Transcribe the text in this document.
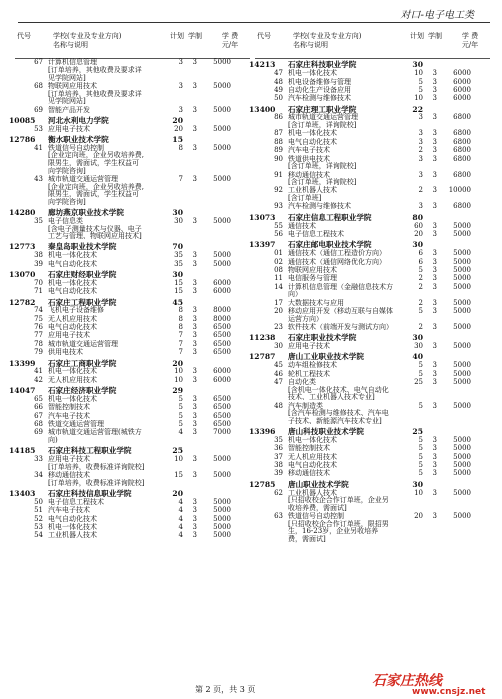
对口-电子电工类
代号	学校(专业及专业方向)
名称与说明
计划 学制	学 费
元/年
67 计算机信息管理
[订单培养，其他收费及要求详
见学院网站]
3	3	5000
68 物联网应用技术
[订单培养，其他收费及要求详
见学院网站]
3	3	5000
69 智能产品开发	3	3	5000
10085	河北水利电力学院	20
53 应用电子技术	20	3	5000
12786	衡水职业技术学院	15
41 铁道信号自动控制
[企业定向班，企业另收培养费,
限男生，需面试，学生权益可
向学院咨询]
8	3	5000
43 城市轨道交通运营管理
[企业定向班，企业另收培养费,
限男生，需面试，学生权益可
向学院咨询]
7	3	5000
14280	廊坊燕京职业技术学院	30
35 电子信息类
[含电子测量技术与仪器、电子
工艺与管理、物联网应用技术]
30	3	5000
12773	秦皇岛职业技术学院	70
38 机电一体化技术	35	3	5000
39 电气自动化技术	35	3	5000
13070	石家庄财经职业学院	30
70 机电一体化技术	15	3	6000
71 电气自动化技术	15	3	6000
12782	石家庄工程职业学院	45
74 飞机电子设备维修	8	3	8000
75 无人机应用技术	8	3	8000
76 电气自动化技术	8	3	6500
77 应用电子技术	7	3	6500
78 城市轨道交通运营管理	7	3	6500
79 供用电技术	7	3	6500
13399	石家庄工商职业学院	20
41 机电一体化技术	10	3	6000
42 无人机应用技术	10	3	6000
14047	石家庄经济职业学院	29
65 机电一体化技术	5	3	6500
66 智能控制技术	5	3	6500
67 汽车电子技术	5	3	6500
68 铁道交通运营管理	5	3	6500
69 城市轨道交通运营管理(城铁方
向)
4	3	7000
14185	石家庄科技工程职业学院	25
33 应用电子技术
[订单培养，收费标准详询院校]
10	3	5000
34 移动通信技术
[订单培养，收费标准详询院校]
15	3	5000
13403	石家庄科技信息职业学院	20
50 电子信息工程技术	4	3	5000
51 汽车电子技术	4	3	5000
52 电气自动化技术	4	3	5000
53 机电一体化技术	4	3	5000
54 工业机器人技术	4	3	5000
代号	学校(专业及专业方向)
名称与说明
计划 学制	学 费
元/年
14213	石家庄科技职业学院	30
47 机电一体化技术	10	3	6000
48 机电设备维修与管理	5	3	6000
49 自动化生产设备应用	5	3	6000
50 汽车检测与维修技术	10	3	6000
13400	石家庄理工职业学院	22
86 城市轨道交通运营管理
[含订单班，详询院校]
3	3	6800
87 机电一体化技术	3	3	6800
88 电气自动化技术	3	3	6800
89 汽车电子技术	2	3	6800
90 铁道供电技术
[含订单班，详询院校]
3	3	6800
91 移动通信技术
[含订单班，详询院校]
3	3	6800
92 工业机器人技术
[含订单班]
2	3	10000
93 汽车检测与维修技术	3	3	6800
13073	石家庄信息工程职业学院	80
55 通信技术	60	3	5000
56 电子信息工程技术	20	3	5000
13397	石家庄邮电职业技术学院	30
01 通信技术（通信工程造价方向）	6	3	5000
02 通信技术（通信网络优化方向）	6	3	5000
08 物联网应用技术	5	3	5000
11 电信服务与管理	2	3	5000
14 计算机信息管理（金融信息技术方
向）
2	3	5000
17 大数据技术与应用	2	3	5000
20 移动应用开发（移动互联与自媒体
运营方向）
5	3	5000
23 软件技术（前端开发与测试方向）	2	3	5000
11238	石家庄职业技术学院	30
30 应用电子技术	30	3	5000
12787	唐山工业职业技术学院	40
45 动车组检修技术	5	3	5000
46 轮机工程技术	5	3	5000
47 自动化类
[含机电一体化技术、电气自动化
技术、工业机器人技术专业]
25	3	5000
48 汽车制造类
[含汽车检测与维修技术、汽车电
子技术、新能源汽车技术专业]
5	3	5000
13396	唐山科技职业技术学院	25
35 机电一体化技术	5	3	5000
36 智能控制技术	5	3	5000
37 无人机应用技术	5	3	5000
38 电气自动化技术	5	3	5000
39 移动通信技术	5	3	5000
12785	唐山职业技术学院	30
62 工业机器人技术
[只招收校企合作订单班，企业另
收培养费，需面试]
10	3	5000
63 铁道信号自动控制
[只招收校企合作订单班，限招男
生，16-23岁，企业另收培养
费，需面试]
20	3	5000
第 2 页，共 3 页
石家庄热线
www.cnsjz.net
